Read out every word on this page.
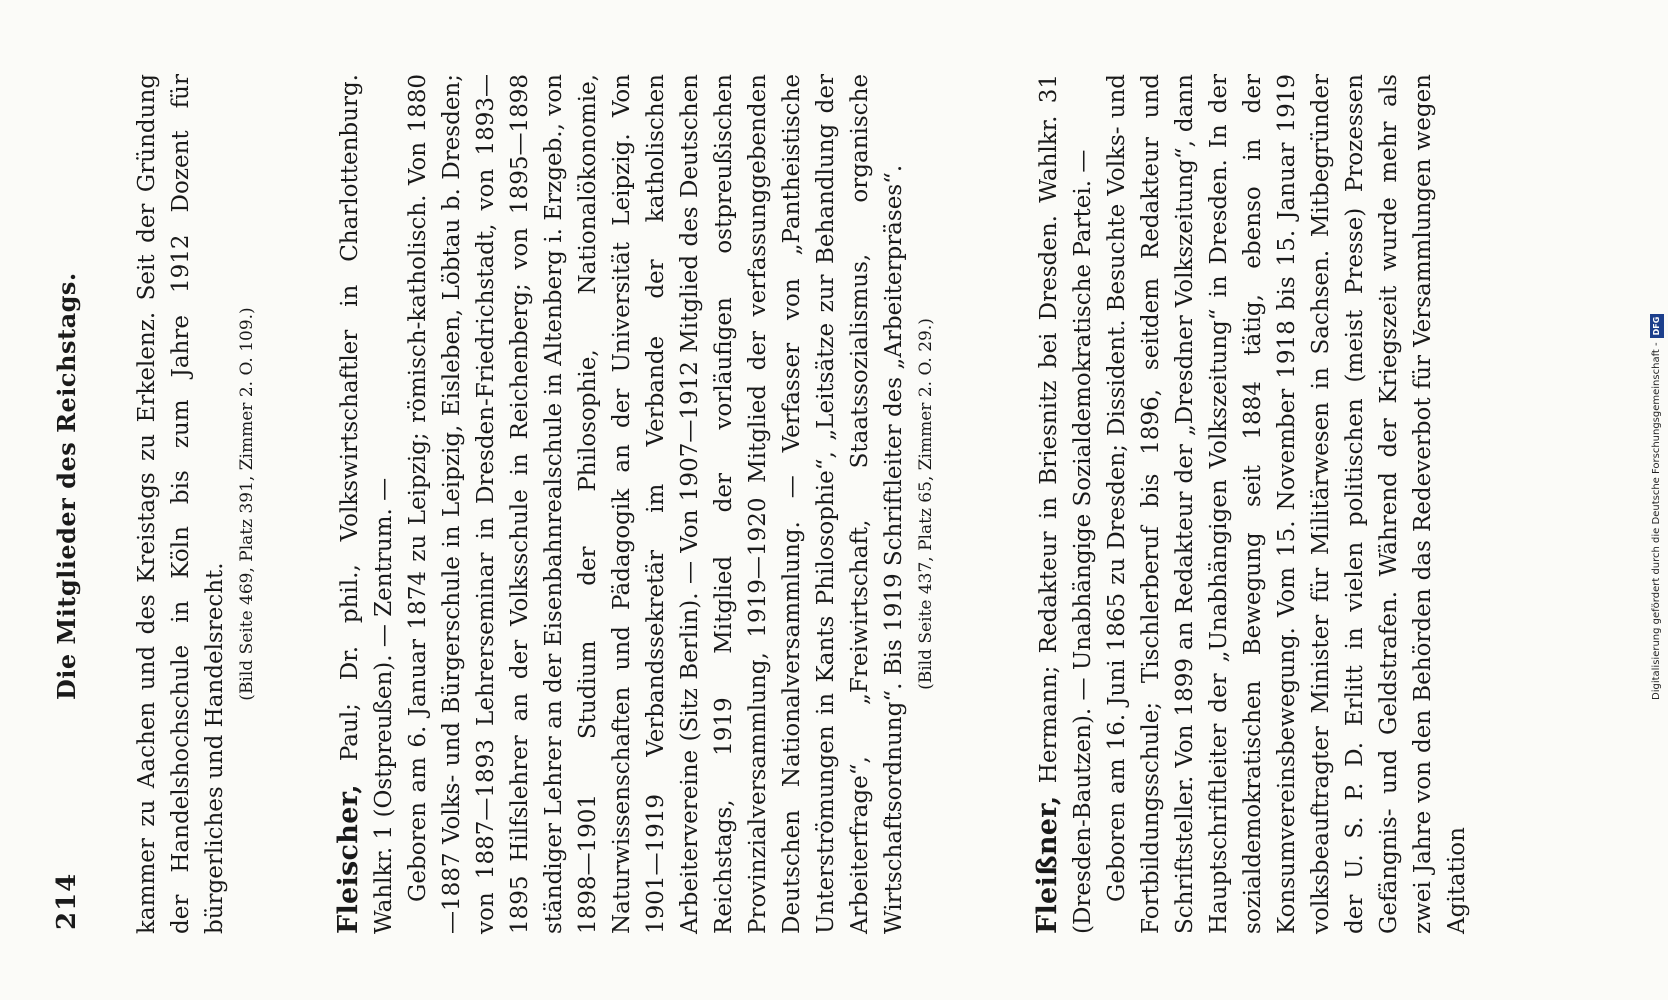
214
Die Mitglieder des Reichstags. kammer zu Aachen und des Kreistags zu Erkelenz. Seit der Gründung der Handelshochschule in Köln bis zum Jahre 1912 Dozent für bürgerliches und Handelsrecht.

(Bild Seite 469, Platz 391, Zimmer 2. O. 109.)

Fleischer, Paul; Dr. phil., Volkswirtschaftler in Charlottenburg. Wahlkr. 1 (Ostpreußen). — Zentrum. — Geboren am 6. Januar 1874 zu Leipzig; römisch-katholisch. Von 1880—1887 Volks- und Bürgerschule in Leipzig, Eisleben, Löbtau b. Dresden; von 1887—1893 Lehrerseminar in Dresden-Friedrichstadt, von 1893—1895 Hilfslehrer an der Volksschule in Reichenberg; von 1895—1898 ständiger Lehrer an der Eisenbahnrealschule in Altenberg i. Erzgeb., von 1898—1901 Studium der Philosophie, Nationalökonomie, Naturwissenschaften und Pädagogik an der Universität Leipzig. Von 1901—1919 Verbandssekretär im Verbande der katholischen Arbeitervereine (Sitz Berlin). — Von 1907—1912 Mitglied des Deutschen Reichstags, 1919 Mitglied der vorläufigen ostpreußischen Provinzialversammlung, 1919—1920 Mitglied der verfassunggebenden Deutschen Nationalversammlung. — Verfasser von „Pantheistische Unterströmungen in Kants Philosophie“, „Leitsätze zur Behandlung der Arbeiterfrage“, „Freiwirtschaft, Staatssozialismus, organische Wirtschaftsordnung“. Bis 1919 Schriftleiter des „Arbeiterpräses“. (Bild Seite 437, Platz 65, Zimmer 2. O. 29.)

Fleißner, Hermann; Redakteur in Briesnitz bei Dresden. Wahlkr. 31 (Dresden-Bautzen). — Unabhängige Sozialdemokratische Partei. — Geboren am 16. Juni 1865 zu Dresden; Dissident. Besuchte Volks- und Fortbildungsschule; Tischlerberuf bis 1896, seitdem Redakteur und Schriftsteller. Von 1899 an Redakteur der „Dresdner Volkszeitung“, dann Hauptschriftleiter der „Unabhängigen Volkszeitung“ in Dresden. In der sozialdemokratischen Bewegung seit 1884 tätig, ebenso in der Konsumvereinsbewegung. Vom 15. November 1918 bis 15. Januar 1919 volksbeauftragter Minister für Militärwesen in Sachsen. Mitbegründer der U. S. P. D. Erlitt in vielen politischen (meist Presse) Prozessen Gefängnis- und Geldstrafen. Während der Kriegszeit wurde mehr als zwei Jahre von den Behörden das Redeverbot für Versammlungen wegen Agitation

Digitalisierung gefördert durch die Deutsche Forschungsgemeinschaft -DFG
